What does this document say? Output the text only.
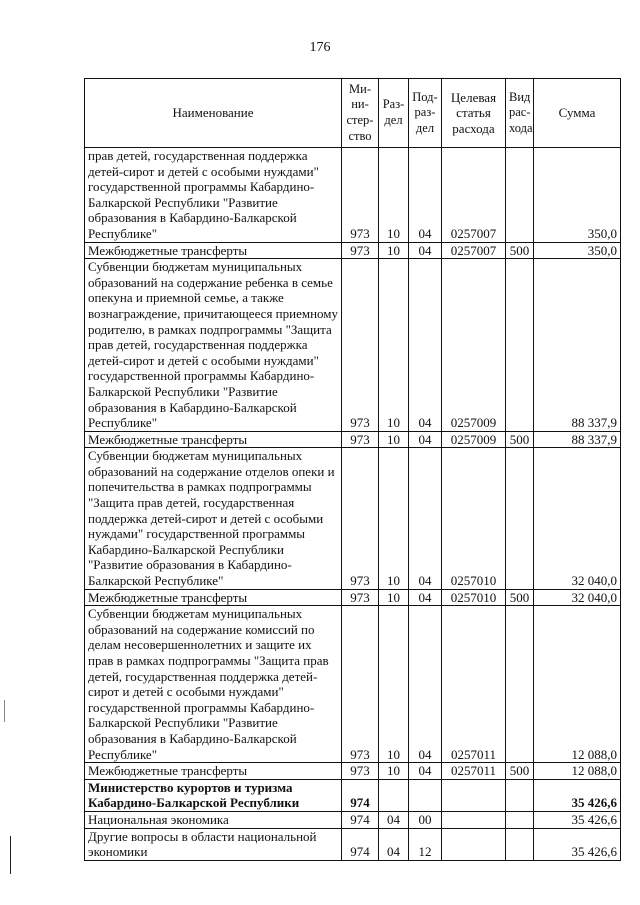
176
Наименование	Ми-ни-стер-ство	Раз-дел	Под-раз-дел	Целевая статья расхода	Вид рас-хода	Сумма
прав детей, государственная поддержка детей-сирот и детей с особыми нуждами" государственной программы Кабардино-Балкарской Республики "Развитие образования в Кабардино-Балкарской Республике"	973	10	04	0257007		350,0
Межбюджетные трансферты	973	10	04	0257007	500	350,0
Субвенции бюджетам муниципальных образований на содержание ребенка в семье опекуна и приемной семье, а также вознаграждение, причитающееся приемному родителю, в рамках подпрограммы "Защита прав детей, государственная поддержка детей-сирот и детей с особыми нуждами" государственной программы Кабардино-Балкарской Республики "Развитие образования в Кабардино-Балкарской Республике"	973	10	04	0257009		88 337,9
Межбюджетные трансферты	973	10	04	0257009	500	88 337,9
Субвенции бюджетам муниципальных образований на содержание отделов опеки и попечительства в рамках подпрограммы "Защита прав детей, государственная поддержка детей-сирот и детей с особыми нуждами" государственной программы Кабардино-Балкарской Республики "Развитие образования в Кабардино-Балкарской Республике"	973	10	04	0257010		32 040,0
Межбюджетные трансферты	973	10	04	0257010	500	32 040,0
Субвенции бюджетам муниципальных образований на содержание комиссий по делам несовершеннолетних и защите их прав в рамках подпрограммы "Защита прав детей, государственная поддержка детей-сирот и детей с особыми нуждами" государственной программы Кабардино-Балкарской Республики "Развитие образования в Кабардино-Балкарской Республике"	973	10	04	0257011		12 088,0
Межбюджетные трансферты	973	10	04	0257011	500	12 088,0
Министерство курортов и туризма Кабардино-Балкарской Республики	974					35 426,6
Национальная экономика	974	04	00			35 426,6
Другие вопросы в области национальной экономики	974	04	12			35 426,6
